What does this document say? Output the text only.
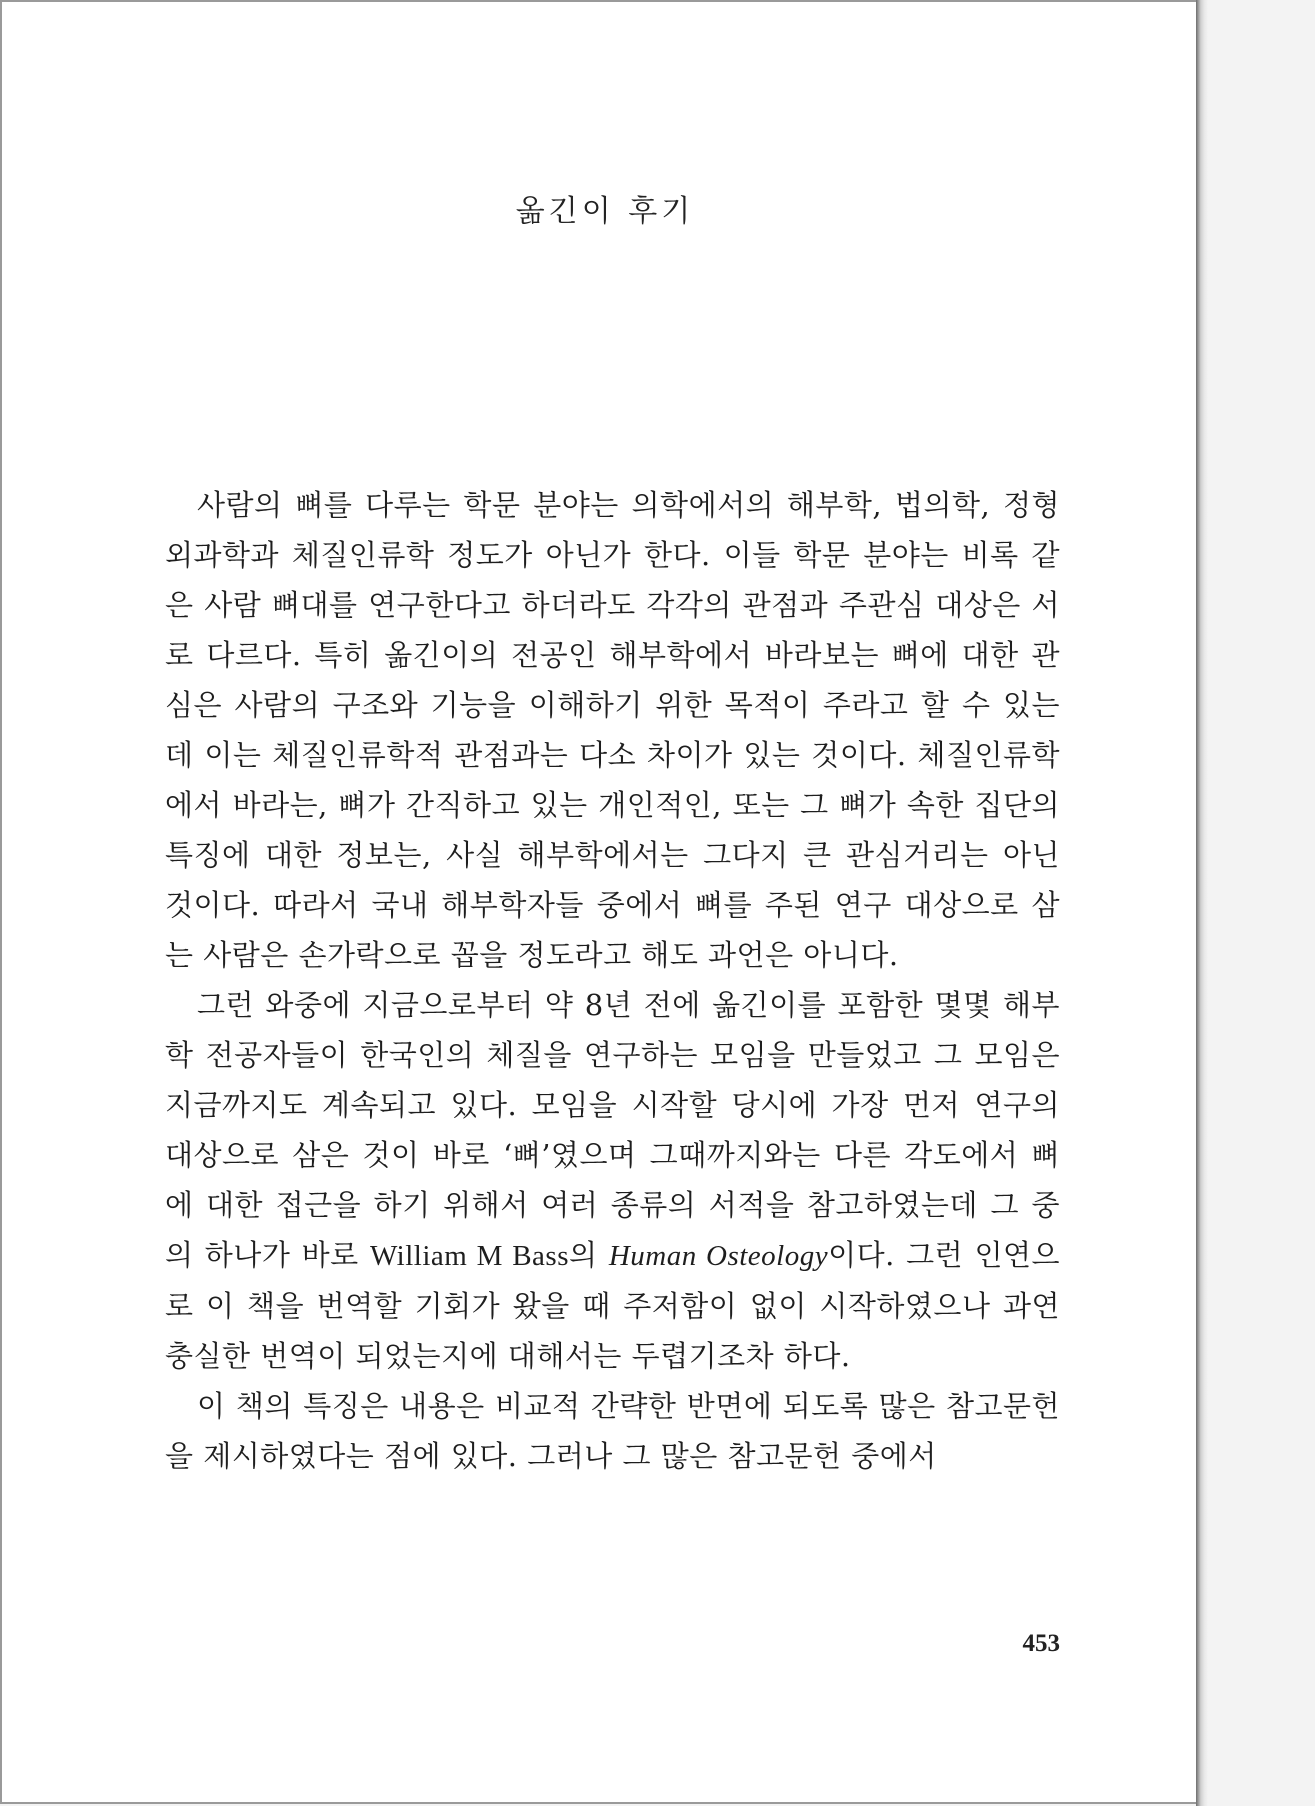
옮긴이 후기

사람의 뼈를 다루는 학문 분야는 의학에서의 해부학, 법의학, 정형외과학과 체질인류학 정도가 아닌가 한다. 이들 학문 분야는 비록 같은 사람 뼈대를 연구한다고 하더라도 각각의 관점과 주관심 대상은 서로 다르다. 특히 옮긴이의 전공인 해부학에서 바라보는 뼈에 대한 관심은 사람의 구조와 기능을 이해하기 위한 목적이 주라고 할 수 있는데 이는 체질인류학적 관점과는 다소 차이가 있는 것이다. 체질인류학에서 바라는, 뼈가 간직하고 있는 개인적인, 또는 그 뼈가 속한 집단의 특징에 대한 정보는, 사실 해부학에서는 그다지 큰 관심거리는 아닌 것이다. 따라서 국내 해부학자들 중에서 뼈를 주된 연구 대상으로 삼는 사람은 손가락으로 꼽을 정도라고 해도 과언은 아니다.

그런 와중에 지금으로부터 약 8년 전에 옮긴이를 포함한 몇몇 해부학 전공자들이 한국인의 체질을 연구하는 모임을 만들었고 그 모임은 지금까지도 계속되고 있다. 모임을 시작할 당시에 가장 먼저 연구의 대상으로 삼은 것이 바로 ‘뼈’였으며 그때까지와는 다른 각도에서 뼈에 대한 접근을 하기 위해서 여러 종류의 서적을 참고하였는데 그 중의 하나가 바로 William M Bass의 Human Osteology이다. 그런 인연으로 이 책을 번역할 기회가 왔을 때 주저함이 없이 시작하였으나 과연 충실한 번역이 되었는지에 대해서는 두렵기조차 하다.

이 책의 특징은 내용은 비교적 간략한 반면에 되도록 많은 참고문헌을 제시하였다는 점에 있다. 그러나 그 많은 참고문헌 중에서

453
